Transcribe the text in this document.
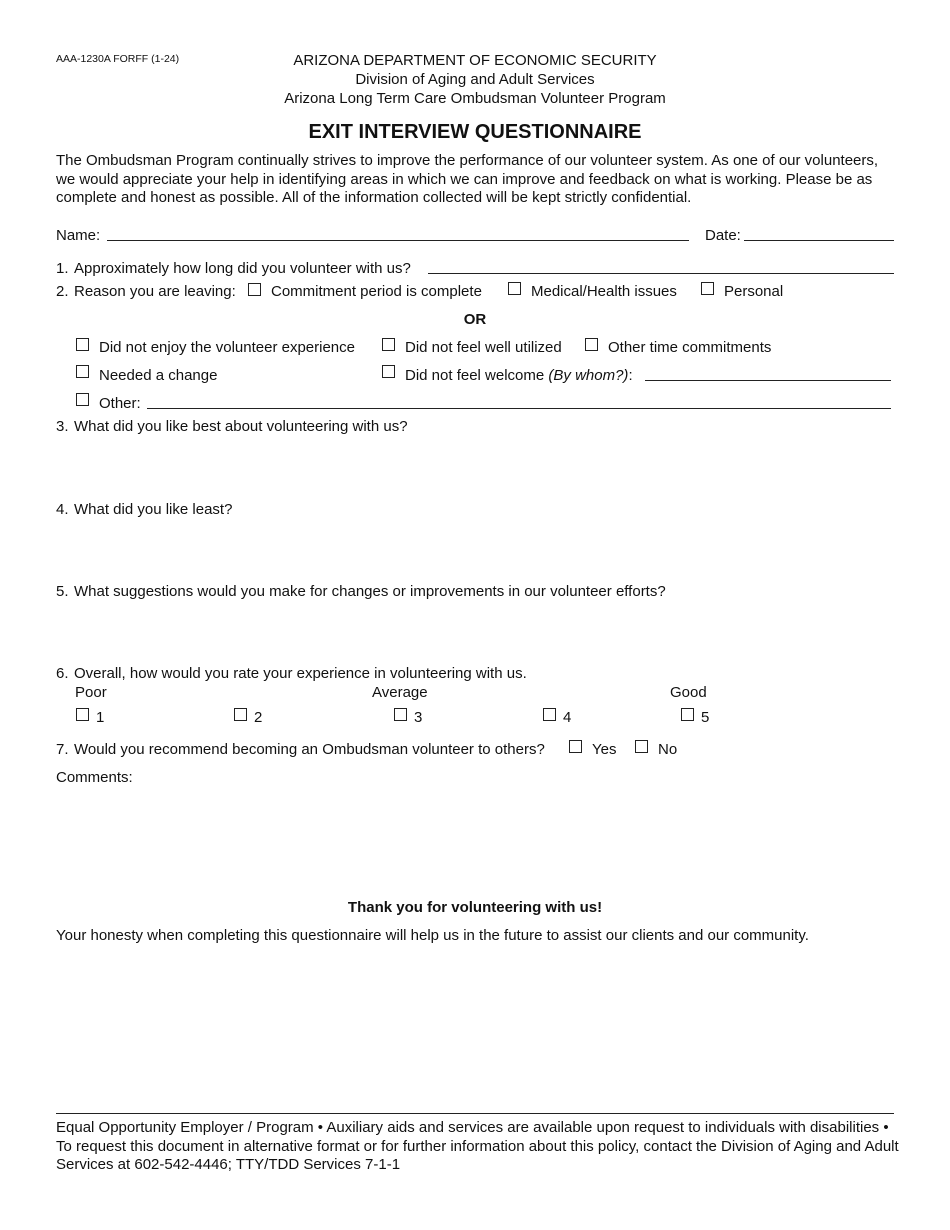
AAA-1230A FORFF (1-24)	ARIZONA DEPARTMENT OF ECONOMIC SECURITY
Division of Aging and Adult Services
Arizona Long Term Care Ombudsman Volunteer Program
EXIT INTERVIEW QUESTIONNAIRE
The Ombudsman Program continually strives to improve the performance of our volunteer system. As one of our volunteers, we would appreciate your help in identifying areas in which we can improve and feedback on what is working. Please be as complete and honest as possible. All of the information collected will be kept strictly confidential.
Name:	Date:
1. Approximately how long did you volunteer with us?
2. Reason you are leaving: Commitment period is complete	Medical/Health issues	Personal
OR
Did not enjoy the volunteer experience	Did not feel well utilized	Other time commitments
Needed a change	Did not feel welcome (By whom?):
Other:
3. What did you like best about volunteering with us?
4. What did you like least?
5. What suggestions would you make for changes or improvements in our volunteer efforts?
6. Overall, how would you rate your experience in volunteering with us.
Poor	Average	Good
1	2	3	4	5
7. Would you recommend becoming an Ombudsman volunteer to others?	Yes	No
Comments:
Thank you for volunteering with us!
Your honesty when completing this questionnaire will help us in the future to assist our clients and our community.
Equal Opportunity Employer / Program • Auxiliary aids and services are available upon request to individuals with disabilities • To request this document in alternative format or for further information about this policy, contact the Division of Aging and Adult Services at 602-542-4446; TTY/TDD Services 7-1-1
